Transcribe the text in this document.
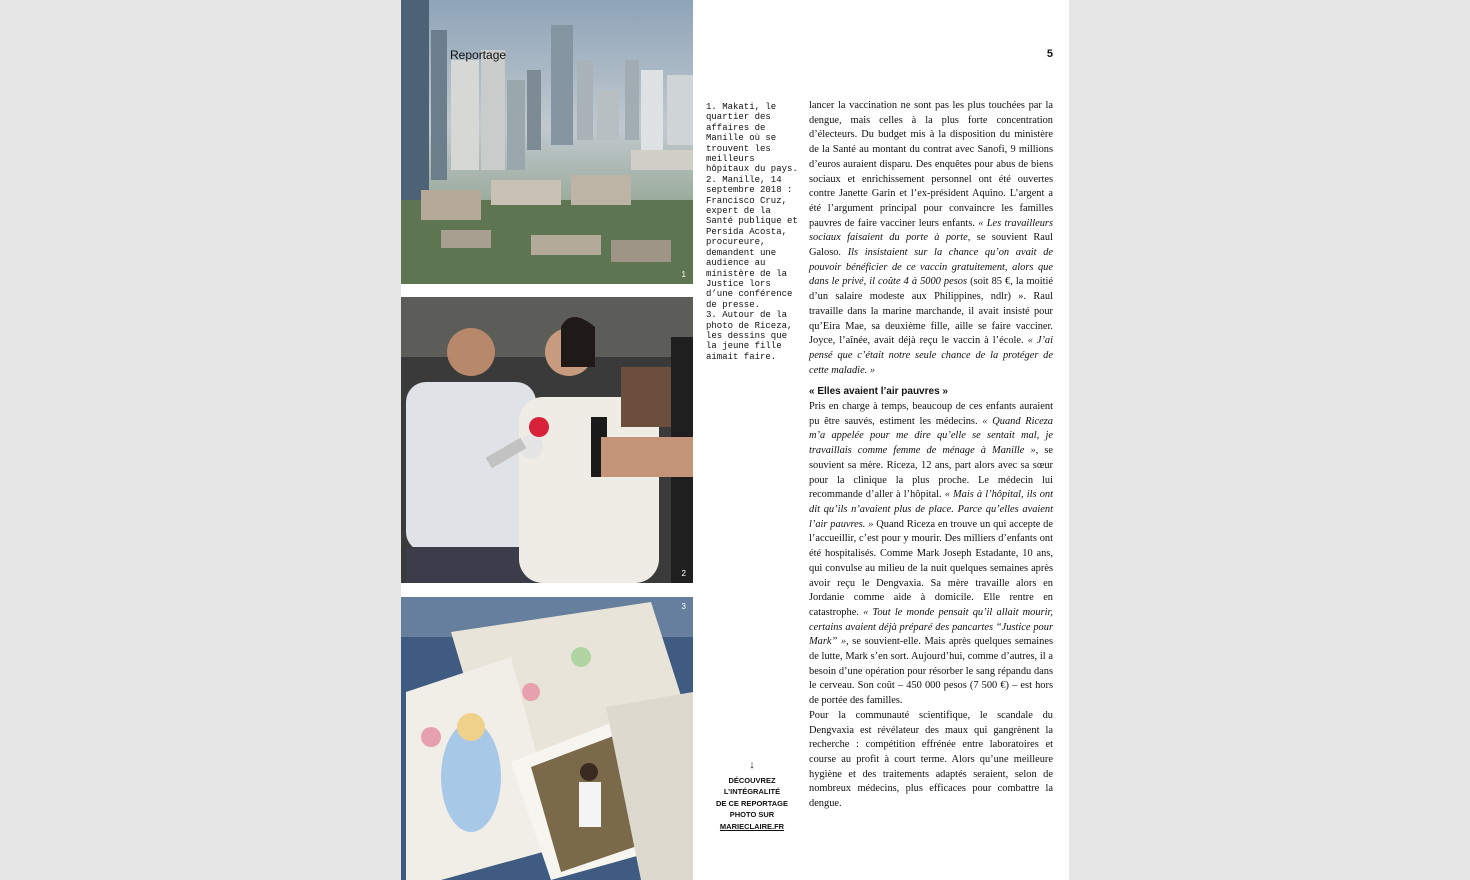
1
Reportage
2
3
5

1. Makati, le quartier des affaires de Manille où se trouvent les meilleurs hôpitaux du pays.

2. Manille, 14 septembre 2018 : Francisco Cruz, expert de la Santé publique et Persida Acosta, procureure, demandent une audience au ministère de la Justice lors d’une conférence de presse.

3. Autour de la photo de Riceza, les dessins que la jeune fille aimait faire.

↓
DÉCOUVREZ
L’INTÉGRALITÉ
DE CE REPORTAGE
PHOTO SUR
MARIECLAIRE.FR

lancer la vaccination ne sont pas les plus touchées par la dengue, mais celles à la plus forte concentration d’électeurs. Du budget mis à la disposition du ministère de la Santé au montant du contrat avec Sanofi, 9 millions d’euros auraient disparu. Des enquêtes pour abus de biens sociaux et enrichissement personnel ont été ouvertes contre Janette Garin et l’ex-président Aquino. L’argent a été l’argument principal pour convaincre les familles pauvres de faire vacciner leurs enfants. « Les travailleurs sociaux faisaient du porte à porte, se souvient Raul Galoso. Ils insistaient sur la chance qu’on avait de pouvoir bénéficier de ce vaccin gratuitement, alors que dans le privé, il coûte 4 à 5000 pesos (soit 85 €, la moitié d’un salaire modeste aux Philippines, ndlr) ». Raul travaille dans la marine marchande, il avait insisté pour qu’Eira Mae, sa deuxième fille, aille se faire vacciner. Joyce, l’aînée, avait déjà reçu le vaccin à l’école. « J’ai pensé que c’était notre seule chance de la protéger de cette maladie. »

« Elles avaient l’air pauvres »

Pris en charge à temps, beaucoup de ces enfants auraient pu être sauvés, estiment les médecins. « Quand Riceza m’a appelée pour me dire qu’elle se sentait mal, je travaillais comme femme de ménage à Manille », se souvient sa mère. Riceza, 12 ans, part alors avec sa sœur pour la clinique la plus proche. Le médecin lui recommande d’aller à l’hôpital. « Mais à l’hôpital, ils ont dit qu’ils n’avaient plus de place. Parce qu’elles avaient l’air pauvres. » Quand Riceza en trouve un qui accepte de l’accueillir, c’est pour y mourir. Des milliers d’enfants ont été hospitalisés. Comme Mark Joseph Estadante, 10 ans, qui convulse au milieu de la nuit quelques semaines après avoir reçu le Dengvaxia. Sa mère travaille alors en Jordanie comme aide à domicile. Elle rentre en catastrophe. « Tout le monde pensait qu’il allait mourir, certains avaient déjà préparé des pancartes “Justice pour Mark” », se souvient-elle. Mais après quelques semaines de lutte, Mark s’en sort. Aujourd’hui, comme d’autres, il a besoin d’une opération pour résorber le sang répandu dans le cerveau. Son coût – 450 000 pesos (7 500 €) – est hors de portée des familles.

Pour la communauté scientifique, le scandale du Dengvaxia est révélateur des maux qui gangrènent la recherche : compétition effrénée entre laboratoires et course au profit à court terme. Alors qu’une meilleure hygiène et des traitements adaptés seraient, selon de nombreux médecins, plus efficaces pour combattre la dengue.
